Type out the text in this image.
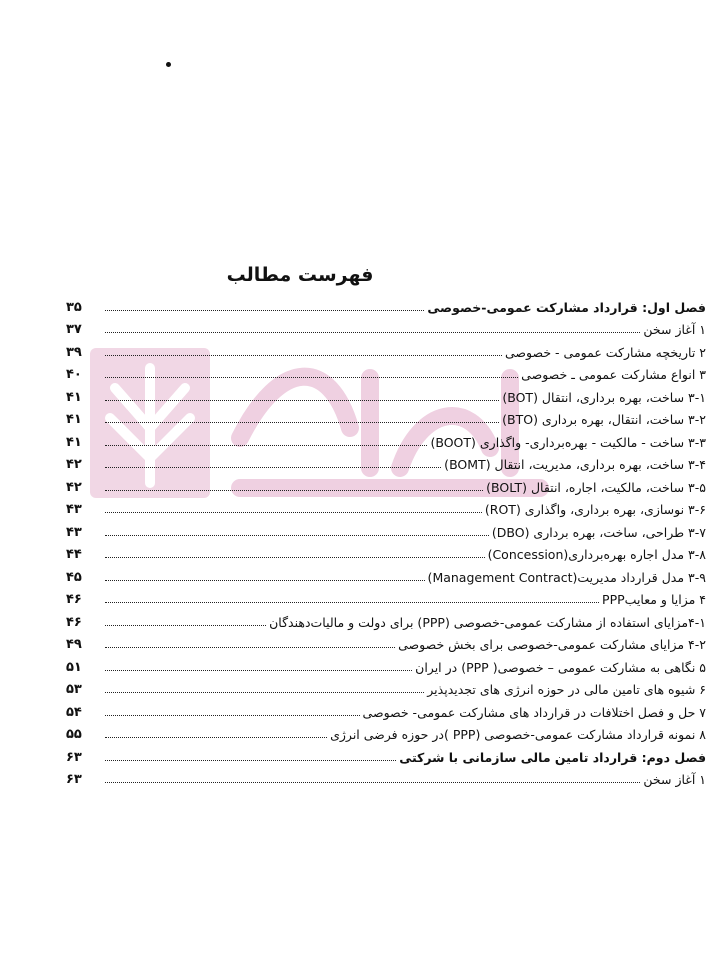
فهرست مطالب
۳۵	فصل اول: قرارداد مشارکت عمومی-خصوصی
۳۷	۱ آغاز سخن
۳۹	۲ تاریخچه مشارکت عمومی - خصوصی
۴۰	۳ انواع مشارکت عمومی ـ خصوصی
۴۱	۳-۱ ساخت، بهره برداری، انتقال (BOT)
۴۱	۳-۲ ساخت، انتقال، بهره برداری (BTO)
۴۱	۳-۳ ساخت - مالکیت - بهره‌برداری- واگذاری (BOOT)
۴۲	۳-۴ ساخت، بهره برداری، مدیریت، انتقال (BOMT)
۴۲	۳-۵ ساخت، مالکیت، اجاره، انتقال (BOLT)
۴۳	۳-۶ نوسازی، بهره برداری، واگذاری (ROT)
۴۳	۳-۷ طراحی، ساخت، بهره برداری (DBO)
۴۴	۳-۸ مدل اجاره بهره‌برداری(Concession)
۴۵	۳-۹ مدل قرارداد مدیریت(Management Contract)
۴۶	۴ مزایا و معایبPPP
۴۶	۴-۱مزایای استفاده از مشارکت عمومی-خصوصی (PPP) برای دولت و مالیات‌دهندگان
۴۹	۴-۲ مزایای مشارکت عمومی-خصوصی برای بخش خصوصی
۵۱	۵ نگاهی به مشارکت عمومی – خصوصی( PPP) در ایران
۵۳	۶ شیوه های تامین مالی در حوزه انرژی های تجدیدپذیر
۵۴	۷ حل و فصل اختلافات در قرارداد های مشارکت عمومی- خصوصی
۵۵	۸ نمونه قرارداد مشارکت عمومی-خصوصی (PPP )در حوزه فرضی انرژی
۶۳	فصل دوم: قرارداد تامین مالی سازمانی با شرکتی
۶۳	۱ آغاز سخن
